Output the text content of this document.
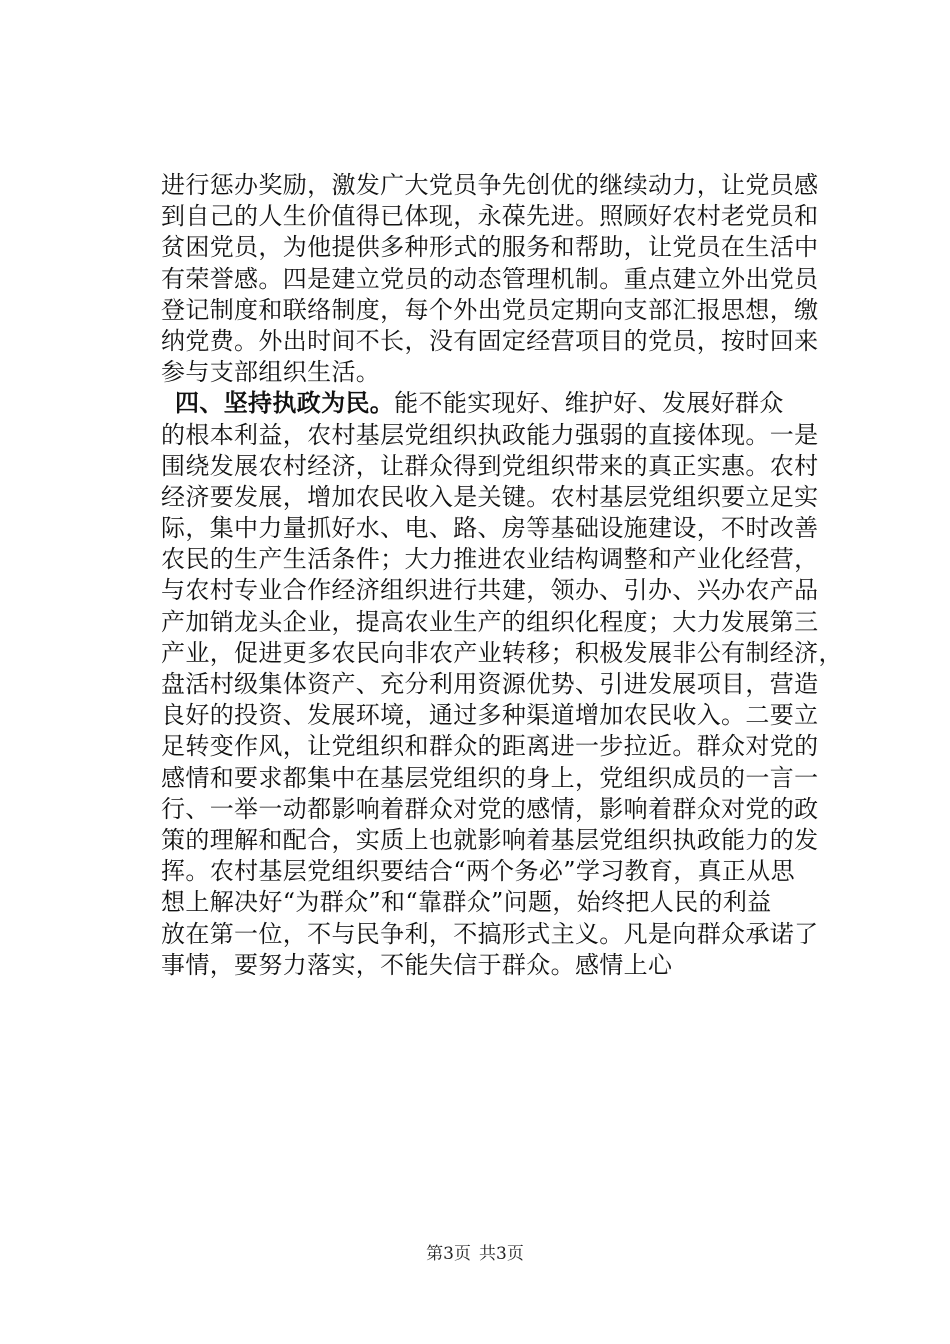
进行惩办奖励，激发广大党员争先创优的继续动力，让党员感
到自己的人生价值得已体现，永葆先进。照顾好农村老党员和
贫困党员，为他提供多种形式的服务和帮助，让党员在生活中
有荣誉感。四是建立党员的动态管理机制。重点建立外出党员
登记制度和联络制度，每个外出党员定期向支部汇报思想，缴
纳党费。外出时间不长，没有固定经营项目的党员，按时回来
参与支部组织生活。
四、坚持执政为民。能不能实现好、维护好、发展好群众
的根本利益，农村基层党组织执政能力强弱的直接体现。一是
围绕发展农村经济，让群众得到党组织带来的真正实惠。农村
经济要发展，增加农民收入是关键。农村基层党组织要立足实
际，集中力量抓好水、电、路、房等基础设施建设，不时改善
农民的生产生活条件；大力推进农业结构调整和产业化经营，
与农村专业合作经济组织进行共建，领办、引办、兴办农产品
产加销龙头企业，提高农业生产的组织化程度；大力发展第三
产业，促进更多农民向非农产业转移；积极发展非公有制经济，
盘活村级集体资产、充分利用资源优势、引进发展项目，营造
良好的投资、发展环境，通过多种渠道增加农民收入。二要立
足转变作风，让党组织和群众的距离进一步拉近。群众对党的
感情和要求都集中在基层党组织的身上，党组织成员的一言一
行、一举一动都影响着群众对党的感情，影响着群众对党的政
策的理解和配合，实质上也就影响着基层党组织执政能力的发
挥。农村基层党组织要结合“两个务必”学习教育，真正从思
想上解决好“为群众”和“靠群众”问题，始终把人民的利益
放在第一位，不与民争利，不搞形式主义。凡是向群众承诺了
事情，要努力落实，不能失信于群众。感情上心
第3页 共3页
